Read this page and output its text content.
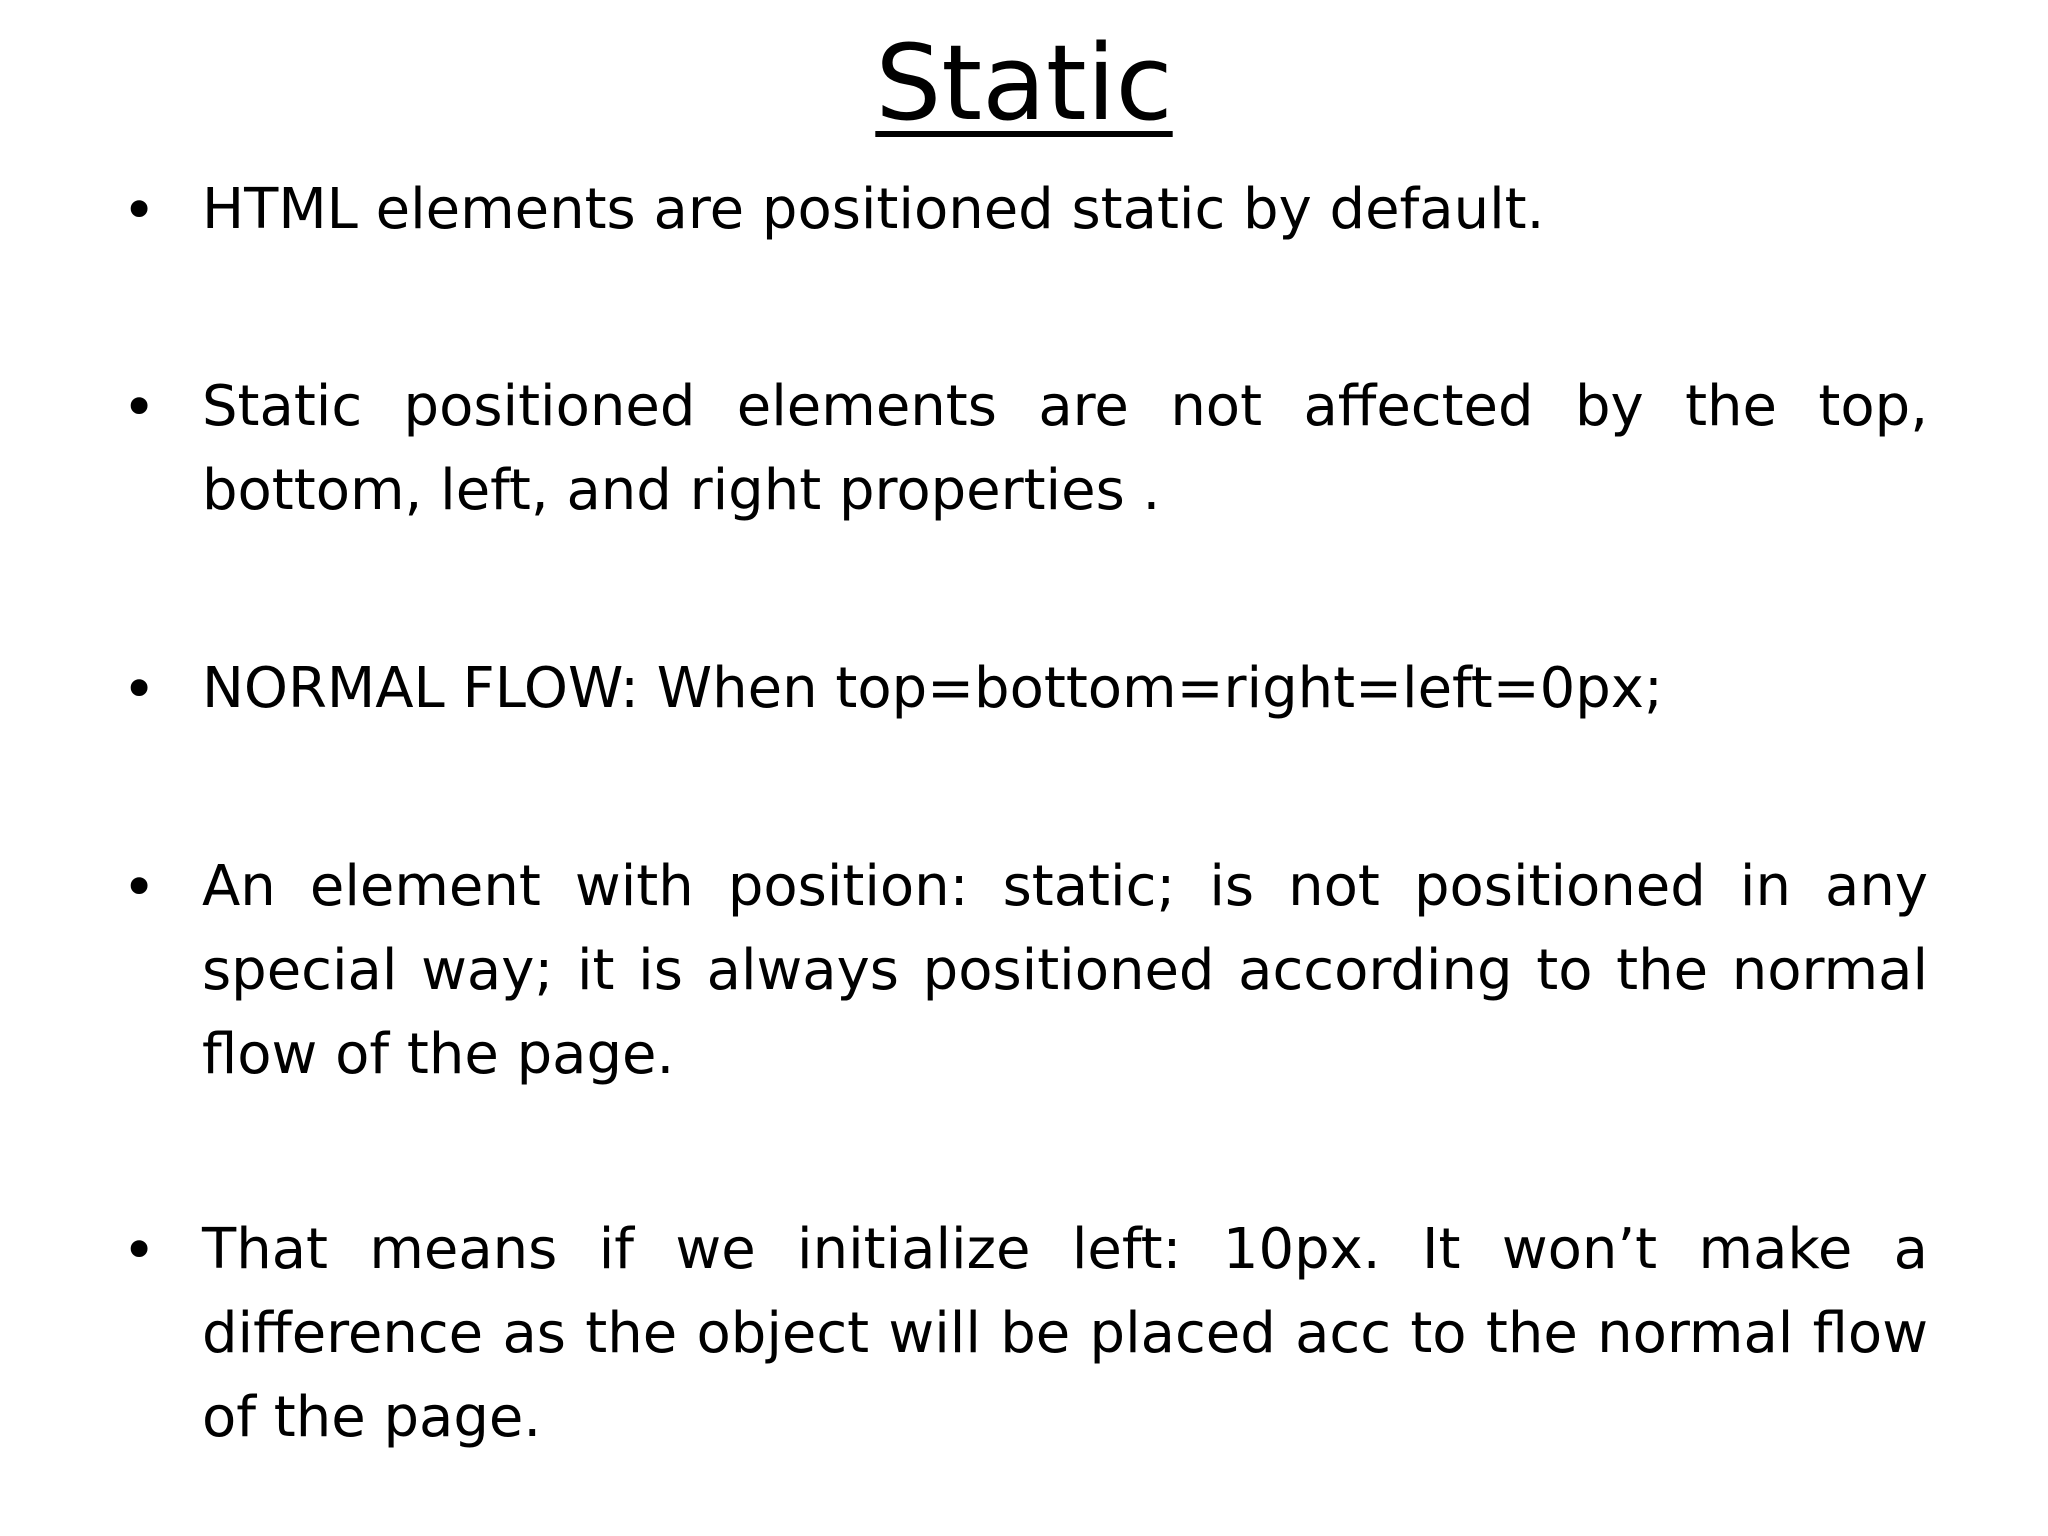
Static
• HTML elements are positioned static by default.
• Static positioned elements are not affected by the top, bottom, left, and right properties .
• NORMAL FLOW: When top=bottom=right=left=0px;
• An element with position: static; is not positioned in any special way; it is always positioned according to the normal flow of the page.
• That means if we initialize left: 10px. It won’t make a difference as the object will be placed acc to the normal flow of the page.
